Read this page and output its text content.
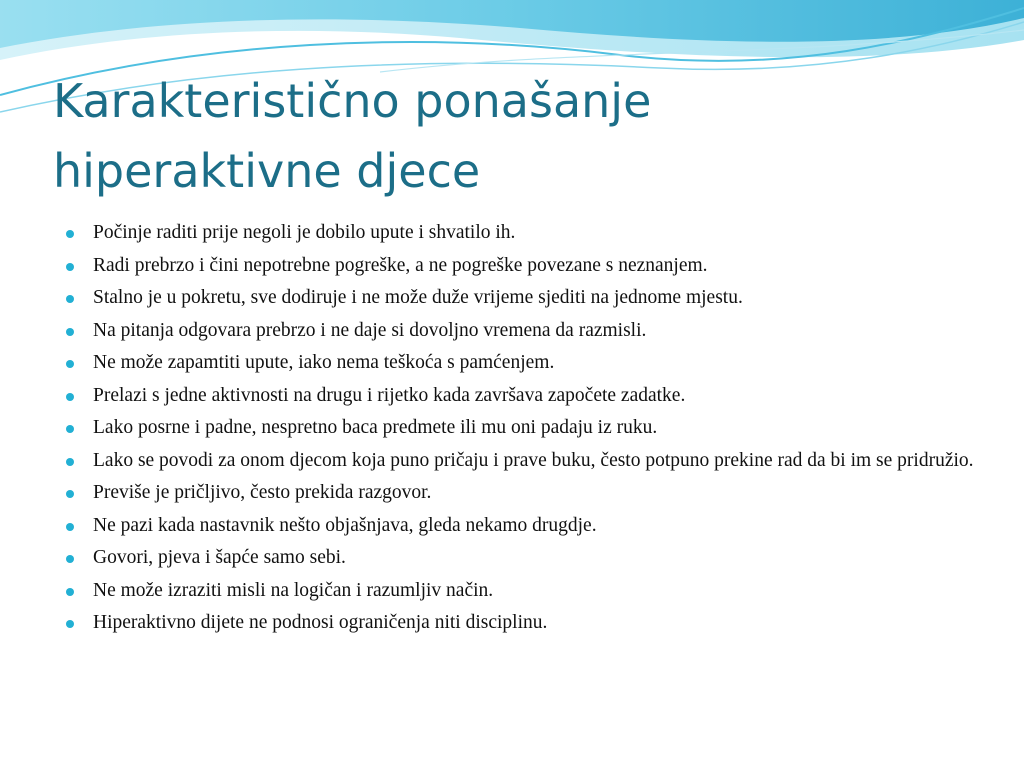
Karakteristično ponašanje
hiperaktivne djece
Počinje raditi prije negoli je dobilo upute i shvatilo ih.
Radi prebrzo i čini nepotrebne pogreške, a ne pogreške povezane s neznanjem.
Stalno je u pokretu, sve dodiruje i ne može duže vrijeme sjediti na jednome mjestu.
Na pitanja odgovara prebrzo i ne daje si dovoljno vremena da razmisli.
Ne može zapamtiti upute, iako nema teškoća s pamćenjem.
Prelazi s jedne aktivnosti na drugu i rijetko kada završava započete zadatke.
Lako posrne i padne, nespretno baca predmete ili mu oni padaju iz ruku.
Lako se povodi za onom djecom koja puno pričaju i prave buku, često potpuno prekine rad da bi im se pridružio.
Previše je pričljivo, često prekida razgovor.
Ne pazi kada nastavnik nešto objašnjava, gleda nekamo drugdje.
Govori, pjeva i šapće samo sebi.
Ne može izraziti misli na logičan i razumljiv način.
Hiperaktivno dijete ne podnosi ograničenja niti disciplinu.
